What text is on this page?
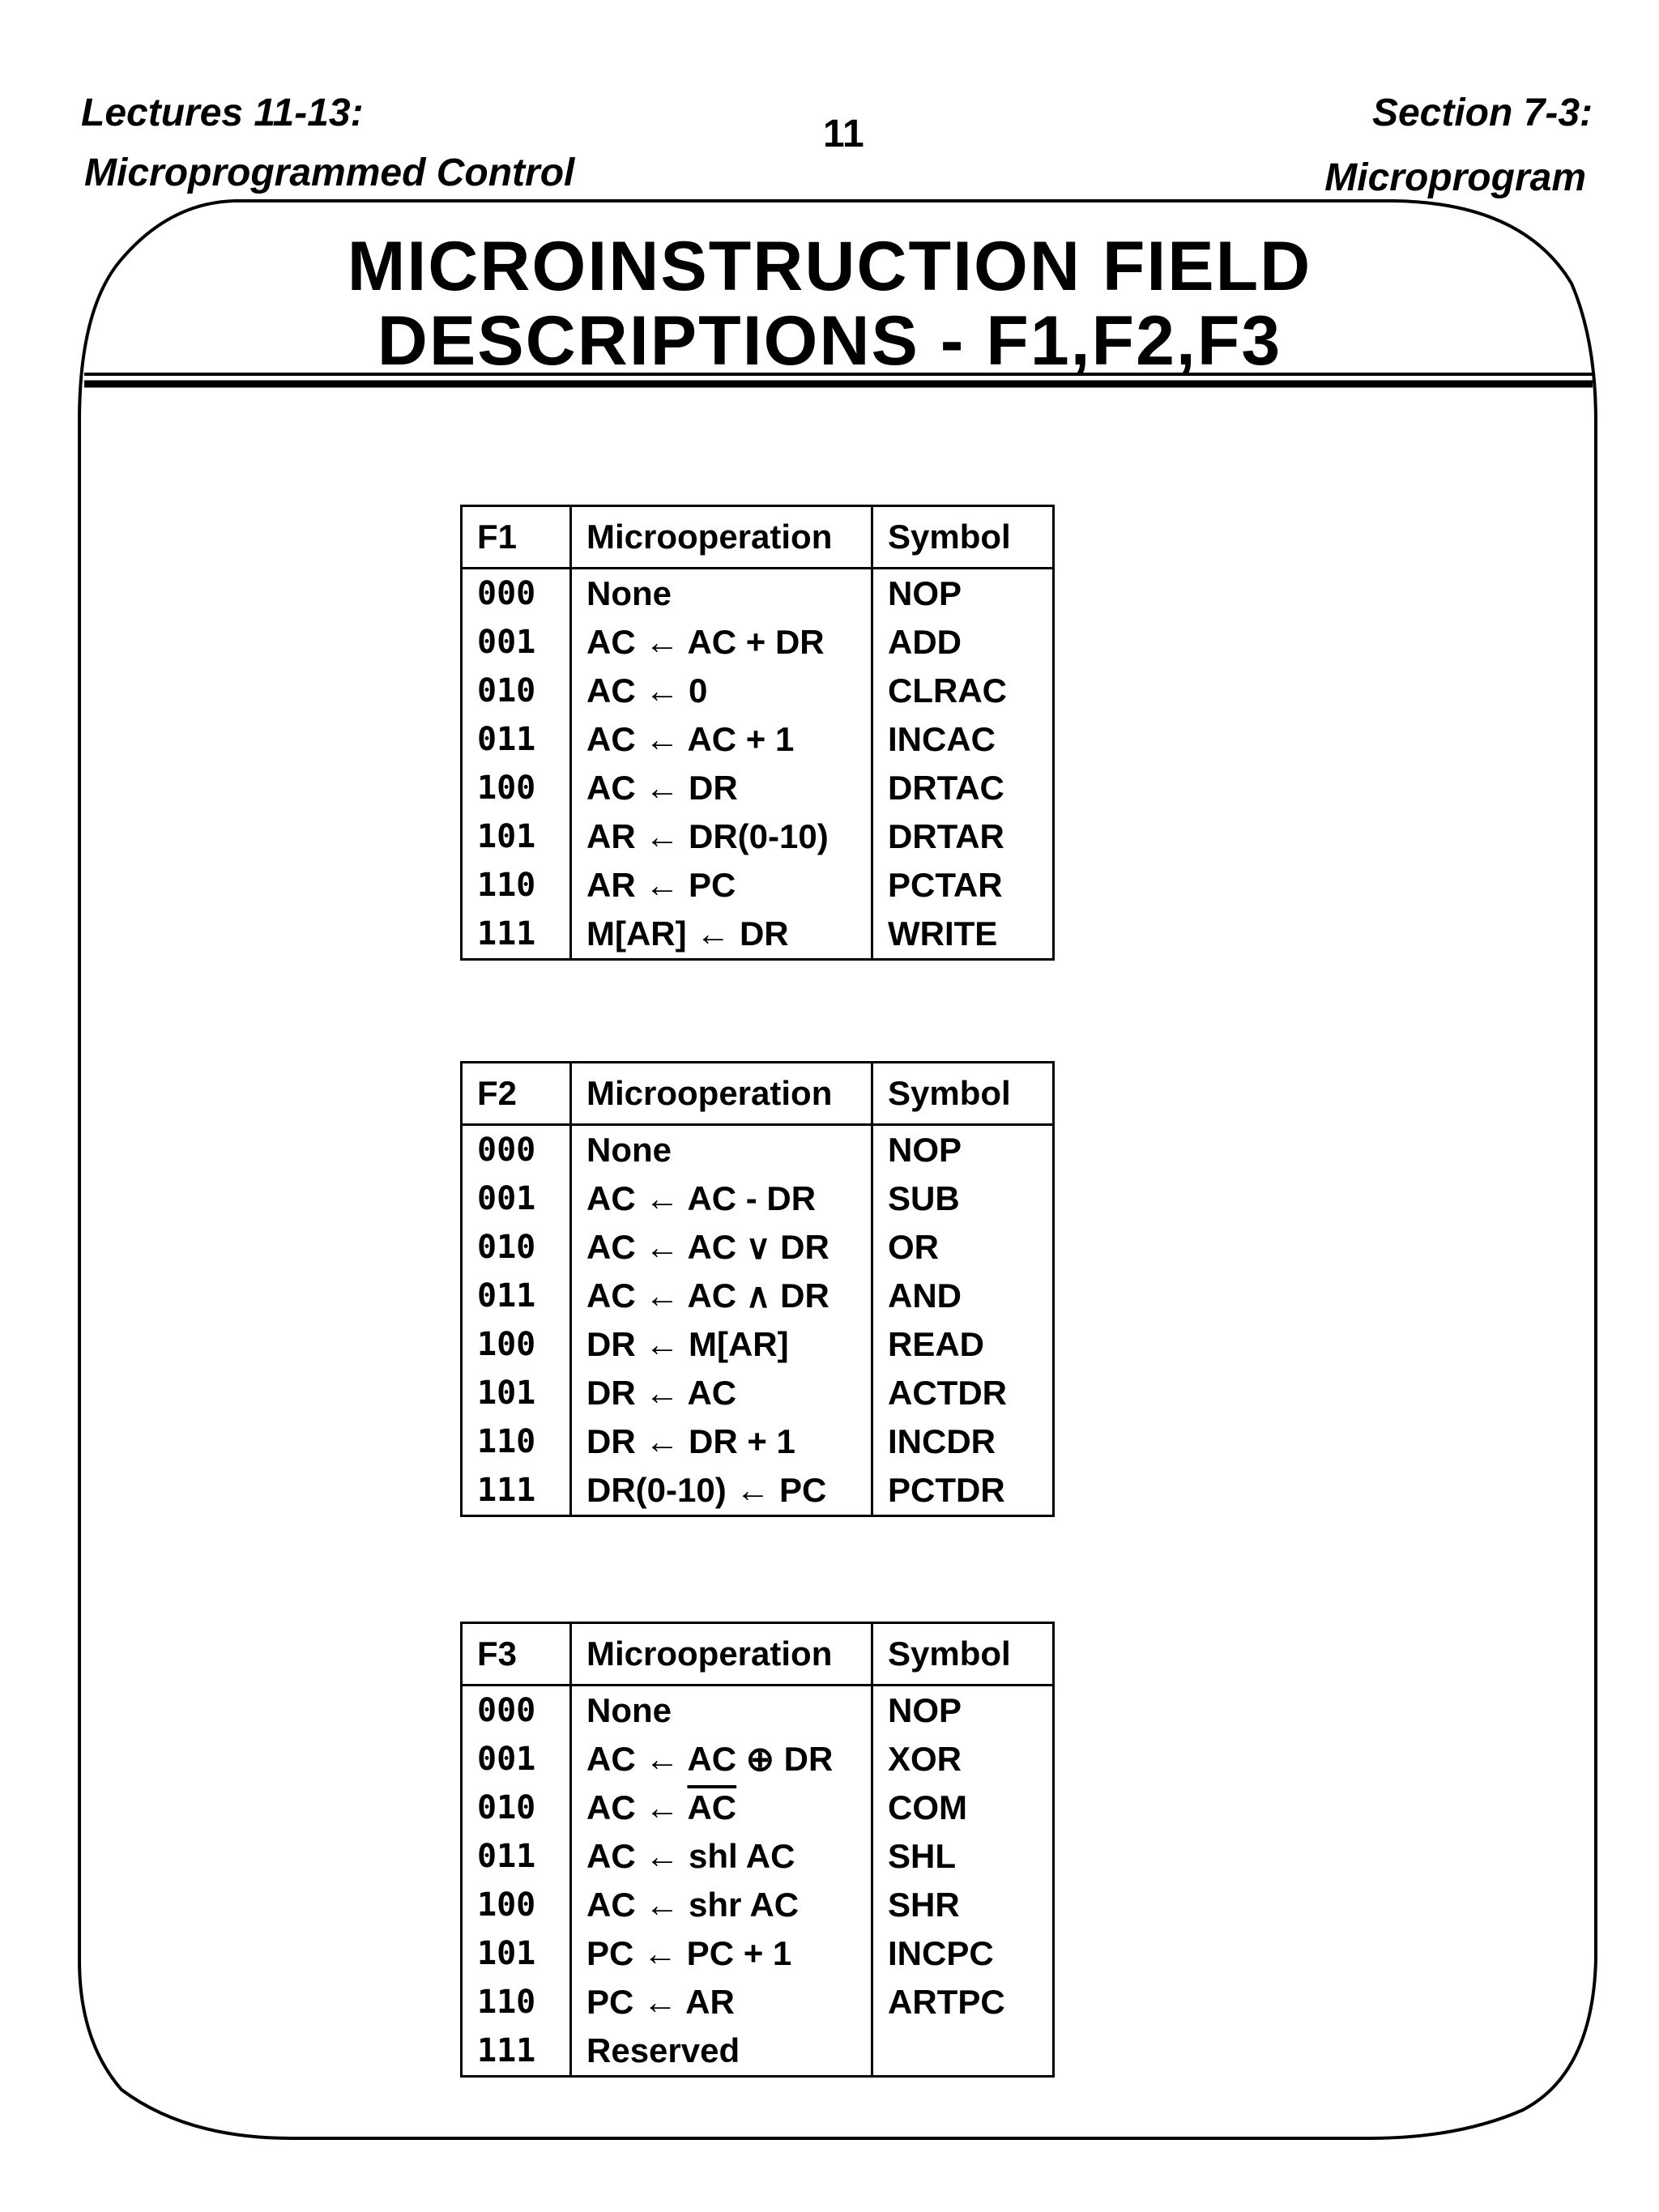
Lectures 11-13:
Microprogrammed Control
11	Section 7-3:
Microprogram
MICROINSTRUCTION FIELD
DESCRIPTIONS - F1,F2,F3
F1	Microoperation	Symbol
000	None	NOP
001	AC ← AC + DR	ADD
010	AC ← 0	CLRAC
011	AC ← AC + 1	INCAC
100	AC ← DR	DRTAC
101	AR ← DR(0-10)	DRTAR
110	AR ← PC	PCTAR
111	M[AR] ← DR	WRITE
F2	Microoperation	Symbol
000	None	NOP
001	AC ← AC - DR	SUB
010	AC ← AC ∨ DR	OR
011	AC ← AC ∧ DR	AND
100	DR ← M[AR]	READ
101	DR ← AC	ACTDR
110	DR ← DR + 1	INCDR
111	DR(0-10) ← PC	PCTDR
F3	Microoperation	Symbol
000	None	NOP
001	AC ← AC ⊕ DR	XOR
010	AC ← $\overline{AC}$	COM
011	AC ← shl AC	SHL
100	AC ← shr AC	SHR
101	PC ← PC + 1	INCPC
110	PC ← AR	ARTPC
111	Reserved	
